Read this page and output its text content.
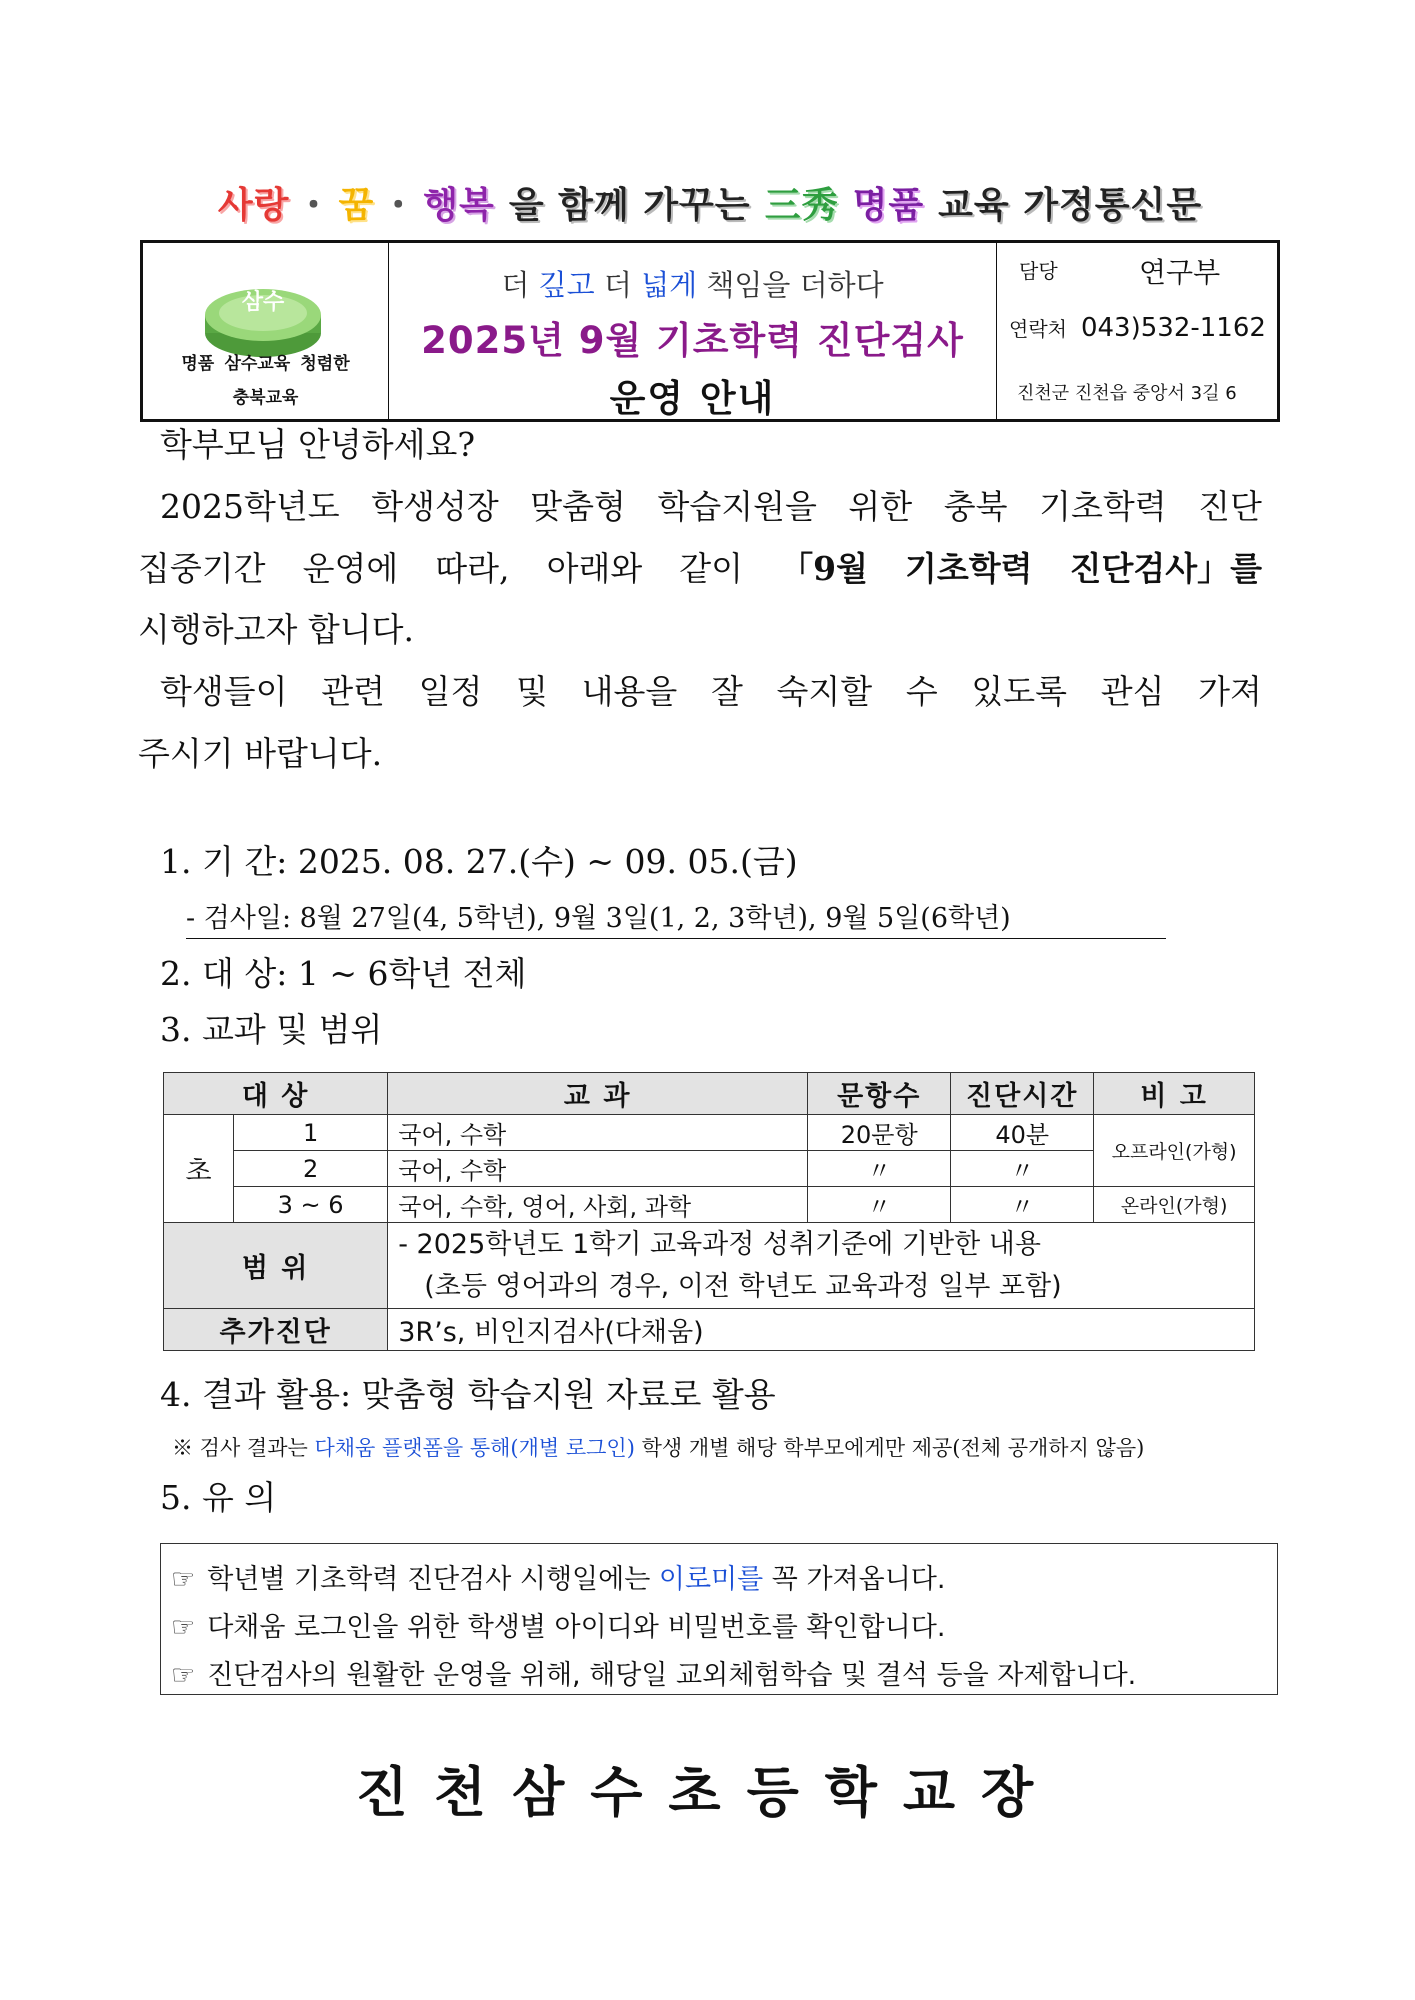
사랑 ・ 꿈 ・ 행복 을 함께 가꾸는 三秀 명품 교육 가정통신문
삼수
명품 삼수교육 청렴한
충북교육
더 깊고 더 넓게 책임을 더하다
2025년 9월 기초학력 진단검사
운영 안내
담당	연구부
연락처 043)532-1162
진천군 진천읍 중앙서 3길 6
학부모님 안녕하세요?
2025학년도 학생성장 맞춤형 학습지원을 위한 충북 기초학력 진단
집중기간 운영에 따라, 아래와 같이 「9월 기초학력 진단검사」를
시행하고자 합니다.
학생들이 관련 일정 및 내용을 잘 숙지할 수 있도록 관심 가져
주시기 바랍니다.
1. 기 간: 2025. 08. 27.(수) ~ 09. 05.(금)
- 검사일: 8월 27일(4, 5학년), 9월 3일(1, 2, 3학년), 9월 5일(6학년)
2. 대 상: 1 ~ 6학년 전체
3. 교과 및 범위
대 상		교 과	문항수	진단시간	비 고
초	1	국어, 수학	20문항	40분	오프라인(가형)
	2	국어, 수학	〃	〃	
	3 ~ 6	국어, 수학, 영어, 사회, 과학	〃	〃	온라인(가형)
범 위		- 2025학년도 1학기 교육과정 성취기준에 기반한 내용
(초등 영어과의 경우, 이전 학년도 교육과정 일부 포함)			

추가진단		3R’s, 비인지검사(다채움)			
4. 결과 활용: 맞춤형 학습지원 자료로 활용
※ 검사 결과는 다채움 플랫폼을 통해(개별 로그인) 학생 개별 해당 학부모에게만 제공(전체 공개하지 않음)
5. 유 의
☞ 학년별 기초학력 진단검사 시행일에는 이로미를 꼭 가져옵니다.
☞ 다채움 로그인을 위한 학생별 아이디와 비밀번호를 확인합니다.
☞ 진단검사의 원활한 운영을 위해, 해당일 교외체험학습 및 결석 등을 자제합니다.
진천삼수초등학교장
